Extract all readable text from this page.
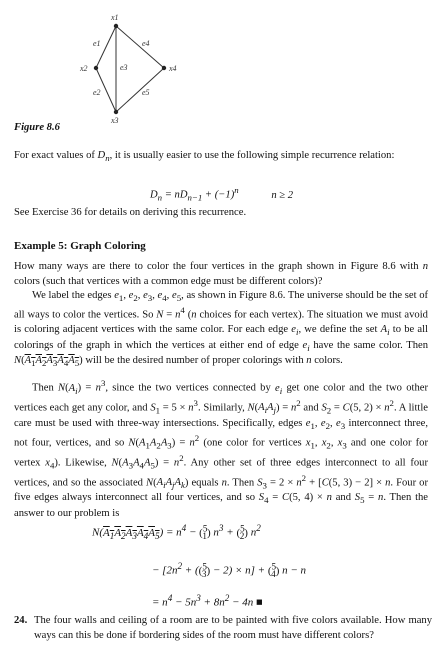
x1
x2
x3
x4
e1	e4
e3
e2	e5
Figure 8.6

For exact values of $D_n$, it is usually easier to use the following simple recurrence relation:

$D_n = nD_{n-1} + (-1)^n$	n ≥ 2

See Exercise 36 for details on deriving this recurrence.

Example 5: Graph Coloring

How many ways are there to color the four vertices in the graph shown in Figure 8.6 with n colors (such that vertices with a common edge must be different colors)?

We label the edges $e_1$, $e_2$, $e_3$, $e_4$, $e_5$, as shown in Figure 8.6. The universe should be the set of all ways to color the vertices. So $N = n^4$ (n choices for each vertex). The situation we must avoid is coloring adjacent vertices with the same color. For each edge $e_i$, we define the set $A_i$ to be all colorings of the graph in which the vertices at either end of edge $e_i$ have the same color. Then $N(A_1A_2A_3A_4A_5)$ will be the desired number of proper colorings with n colors.

Then $N(A_i) = n^3$, since the two vertices connected by $e_i$ get one color and the two other vertices each get any color, and $S_1 = 5 \times n^3$. Similarly, $N(A_iA_j) = n^2$ and $S_2 = C(5$, $2) \times n^2$. A little care must be used with three-way intersections. Specifically, edges $e_1$, $e_2$, $e_3$ interconnect three, not four, vertices, and so $N(A_1A_2A_3) = n^2$ (one color for vertices $x_1$, $x_2$, $x_3$ and one color for vertex $x_4$). Likewise, $N(A_3A_4A_5) = n^2$. Any other set of three edges interconnect to all four vertices, and so the associated $N(A_iA_jA_k)$ equals n. Then $S_3 = 2 \times n^2 + [C(5$, 3) − 2] × n. Four or five edges always interconnect all four vertices, and so $S_4 = C(5$, 4) × n and $S_5 = n$. Then the answer to our problem is

$N(A_1A_2A_3A_4A_5) = n^4 - (^5_1) n^3 + (^5_2)$ $n^2$
− $[2n^2 + ((^5_3) - 2) \times n] + (^5_4) n - n$
= $n^4 - 5n^3 + 8n^2 - 4n$ ■
24. The four walls and ceiling of a room are to be painted with five colors available. How many ways can this be done if bordering sides of the room must have different colors?
